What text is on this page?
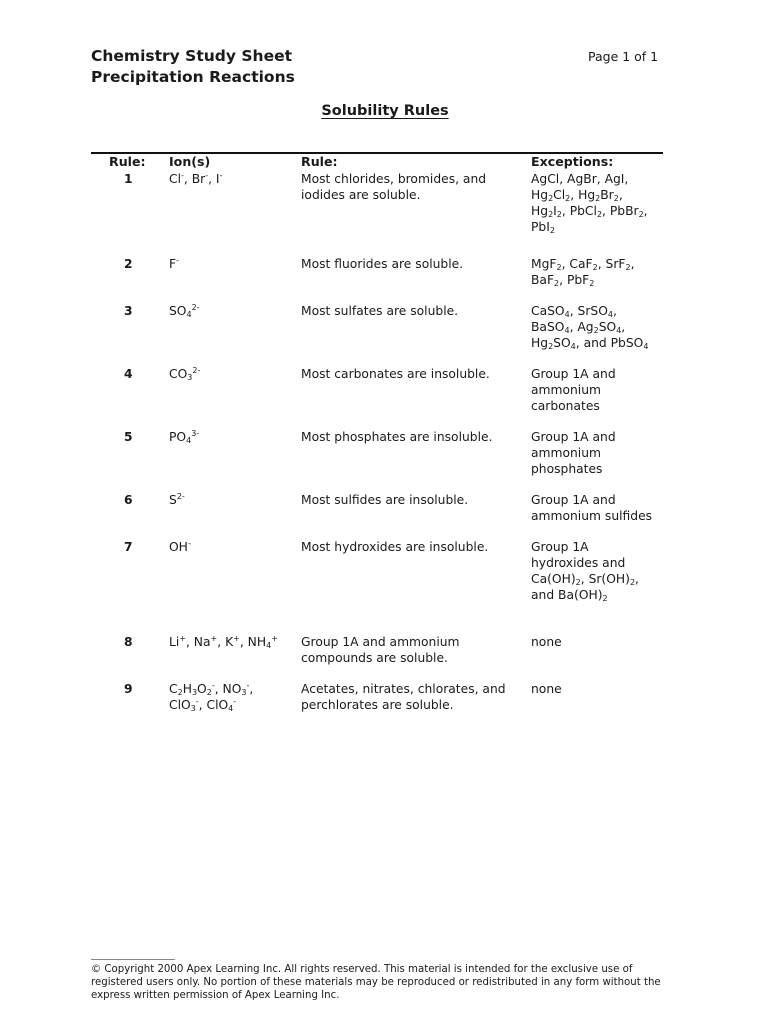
Chemistry Study Sheet
Precipitation Reactions
Page 1 of 1
Solubility Rules
Rule:	Ion(s)	Rule:	Exceptions:
1	Cl-, Br-, I-	Most chlorides, bromides, and
iodides are soluble.	AgCl, AgBr, AgI,
$Hg_2Cl_2$, $Hg_2Br_2$,
$Hg_2I_2$, PbCl$_2$, PbBr$_2$,
PbI$_2$
2	F-	Most fluorides are soluble.	MgF$_2$, CaF$_2$, SrF$_2$,
BaF$_2$, PbF$_2$
3	$SO_4^{2-}$	Most sulfates are soluble.	CaSO$_4$, SrSO$_4$,
BaSO$_4$, $Ag_2SO_4$,
$Hg_2SO_4$, and PbSO$_4$
4	$CO_3^{2-}$	Most carbonates are insoluble.	Group 1A and
ammonium
carbonates
5	$PO_4^{3-}$	Most phosphates are insoluble.	Group 1A and
ammonium
phosphates
6	$S^{2-}$	Most sulfides are insoluble.	Group 1A and
ammonium sulfides
7	OH-	Most hydroxides are insoluble.	Group 1A
hydroxides and
$Ca(OH)_2$, $Sr(OH)_2$,
and $Ba(OH)_2$
8	Li+, Na+, K+, $NH_4^+$	Group 1A and ammonium
compounds are soluble.	none
9	$C_2H_3O_2^-$, $NO_3^-$,
ClO$_3$-, ClO$_4$-	Acetates, nitrates, chlorates, and
perchlorates are soluble.	none
© Copyright 2000 Apex Learning Inc. All rights reserved. This material is intended for the exclusive use of registered users only. No portion of these materials may be reproduced or redistributed in any form without the express written permission of Apex Learning Inc.
